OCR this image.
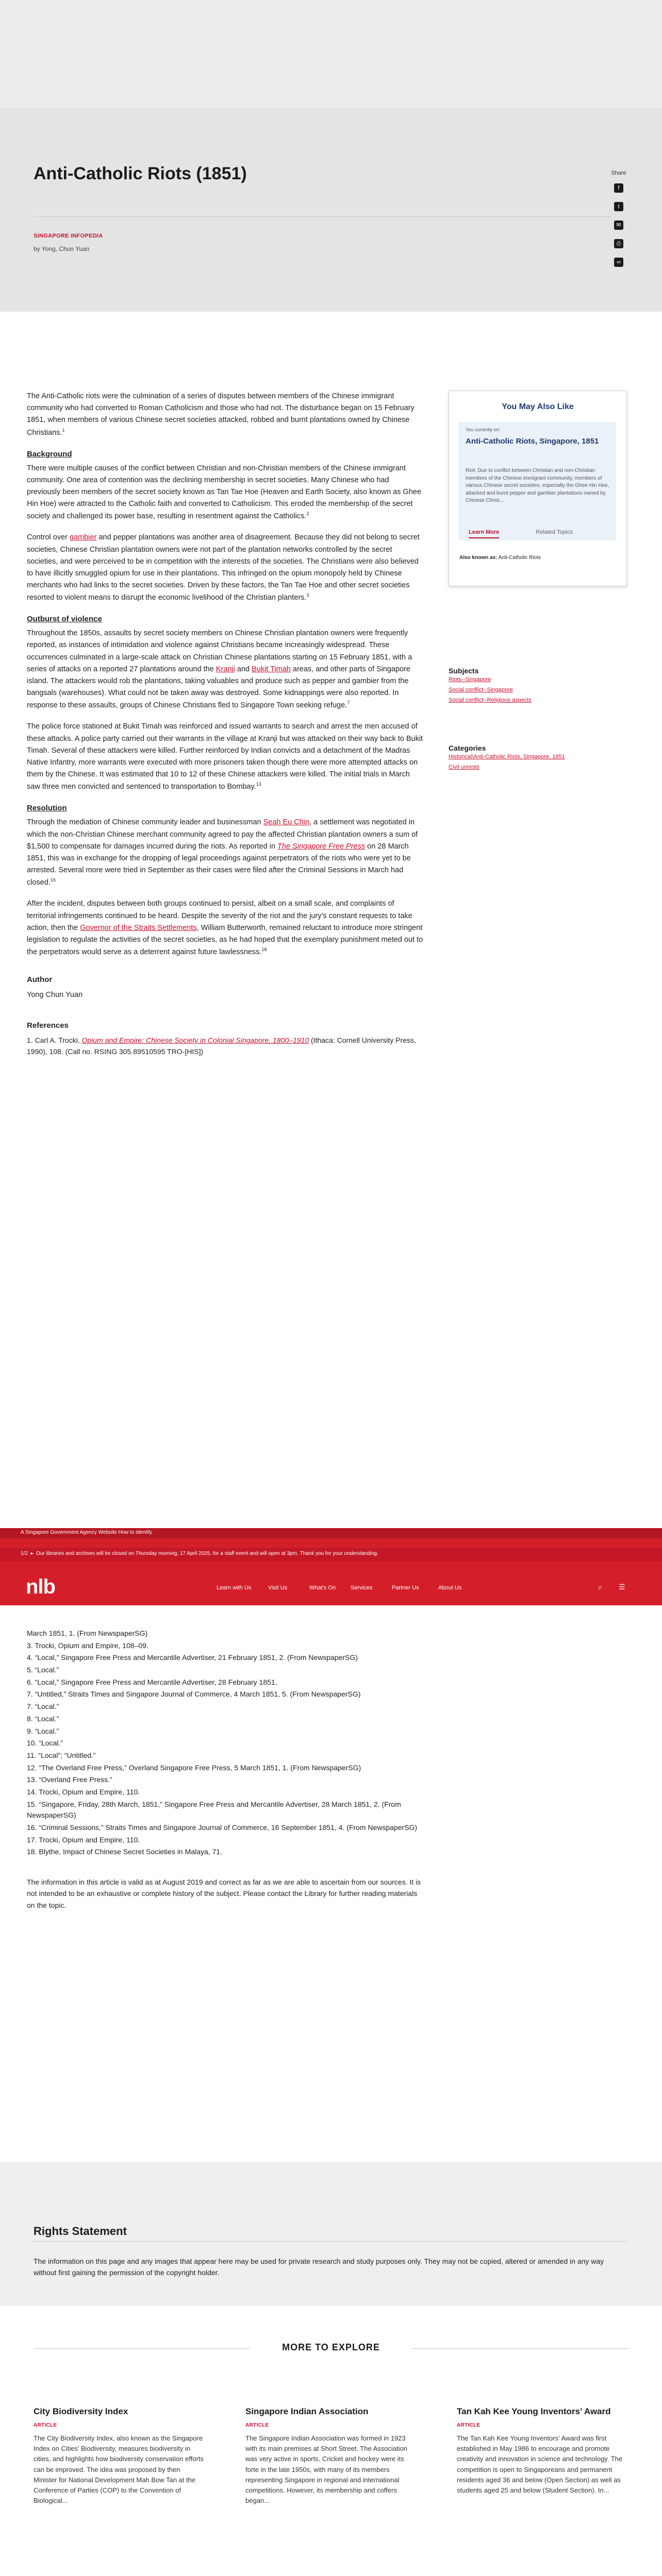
Anti-Catholic Riots (1851)
SINGAPORE INFOPEDIA
by Yong, Chun Yuan
Share
f
t
✉
⎙
∞

The Anti-Catholic riots were the culmination of a series of disputes between members of the Chinese immigrant community who had converted to Roman Catholicism and those who had not. The disturbance began on 15 February 1851, when members of various Chinese secret societies attacked, robbed and burnt plantations owned by Chinese Christians.$^1$

Background

There were multiple causes of the conflict between Christian and non-Christian members of the Chinese immigrant community. One area of contention was the declining membership in secret societies. Many Chinese who had previously been members of the secret society known as Tan Tae Hoe (Heaven and Earth Society, also known as Ghee Hin Hoe) were attracted to the Catholic faith and converted to Catholicism. This eroded the membership of the secret society and challenged its power base, resulting in resentment against the Catholics.$^2$

Control over gambier and pepper plantations was another area of disagreement. Because they did not belong to secret societies, Chinese Christian plantation owners were not part of the plantation networks controlled by the secret societies, and were perceived to be in competition with the interests of the societies. The Christians were also believed to have illicitly smuggled opium for use in their plantations. This infringed on the opium monopoly held by Chinese merchants who had links to the secret societies. Driven by these factors, the Tan Tae Hoe and other secret societies resorted to violent means to disrupt the economic livelihood of the Christian planters.$^3$

Outburst of violence

Throughout the 1850s, assaults by secret society members on Chinese Christian plantation owners were frequently reported, as instances of intimidation and violence against Christians became increasingly widespread. These occurrences culminated in a large-scale attack on Christian Chinese plantations starting on 15 February 1851, with a series of attacks on a reported 27 plantations around the Kranji and Bukit Timah areas, and other parts of Singapore island. The attackers would rob the plantations, taking valuables and produce such as pepper and gambier from the bangsals (warehouses). What could not be taken away was destroyed. Some kidnappings were also reported. In response to these assaults, groups of Chinese Christians fled to Singapore Town seeking refuge.$^7$

The police force stationed at Bukit Timah was reinforced and issued warrants to search and arrest the men accused of these attacks. A police party carried out their warrants in the village at Kranji but was attacked on their way back to Bukit Timah. Several of these attackers were killed. Further reinforced by Indian convicts and a detachment of the Madras Native Infantry, more warrants were executed with more prisoners taken though there were more attempted attacks on them by the Chinese. It was estimated that 10 to 12 of these Chinese attackers were killed. The initial trials in March saw three men convicted and sentenced to transportation to Bombay.$^{13}$

Resolution

Through the mediation of Chinese community leader and businessman Seah Eu Chin, a settlement was negotiated in which the non-Christian Chinese merchant community agreed to pay the affected Christian plantation owners a sum of $1,500 to compensate for damages incurred during the riots. As reported in The Singapore Free Press on 28 March 1851, this was in exchange for the dropping of legal proceedings against perpetrators of the riots who were yet to be arrested. Several more were tried in September as their cases were filed after the Criminal Sessions in March had closed.$^{16}$

After the incident, disputes between both groups continued to persist, albeit on a small scale, and complaints of territorial infringements continued to be heard. Despite the severity of the riot and the jury’s constant requests to take action, then the Governor of the Straits Settlements, William Butterworth, remained reluctant to introduce more stringent legislation to regulate the activities of the secret societies, as he had hoped that the exemplary punishment meted out to the perpetrators would serve as a deterrent against future lawlessness.$^{18}$

Author
Yong Chun Yuan
References

1. Carl A. Trocki, Opium and Empire: Chinese Society in Colonial Singapore, 1800–1910 (Ithaca: Cornell University Press, 1990), 108. (Call no. RSING 305.89510595 TRO-[HIS])

You May Also Like
You currently on:
Anti-Catholic Riots, Singapore, 1851
Riot; Due to conflict between Christian and non-Christian members of the Chinese immigrant community, members of various Chinese secret societies, especially the Ghee Hin Hoe, attacked and burnt pepper and gambier plantations owned by Chinese Christ...
Learn More	Related Topics
Also known as: Anti-Catholic Riots
Subjects
Riots--Singapore
Social conflict--Singapore
Social conflict--Religious aspects
Categories
Historical\Anti-Catholic Riots, Singapore, 1851
Civil unrests
A Singapore Government Agency Website How to identify
1/2  ▸  Our libraries and archives will be closed on Thursday morning, 17 April 2025, for a staff event and will open at 3pm. Thank you for your understanding.
nlb	Learn with Us	Visit Us	What's On	Services	Partner Us	About Us	⌕ ☰
March 1851, 1. (From NewspaperSG)
3. Trocki, Opium and Empire, 108–09.
4. “Local,” Singapore Free Press and Mercantile Advertiser, 21 February 1851, 2. (From NewspaperSG)
5. “Local.”
6. “Local,” Singapore Free Press and Mercantile Advertiser, 28 February 1851.
7. “Untitled,” Straits Times and Singapore Journal of Commerce, 4 March 1851, 5. (From NewspaperSG)
7. “Local.”
8. “Local.”
9. “Local.”
10. “Local.”
11. “Local”; “Untitled.”
12. “The Overland Free Press,” Overland Singapore Free Press, 5 March 1851, 1. (From NewspaperSG)
13. “Overland Free Press.”
14. Trocki, Opium and Empire, 110.
15. “Singapore, Friday, 28th March, 1851,” Singapore Free Press and Mercantile Advertiser, 28 March 1851, 2. (From NewspaperSG)
16. “Criminal Sessions,” Straits Times and Singapore Journal of Commerce, 16 September 1851, 4. (From NewspaperSG)
17. Trocki, Opium and Empire, 110.
18. Blythe, Impact of Chinese Secret Societies in Malaya, 71.
The information in this article is valid as at August 2019 and correct as far as we are able to ascertain from our sources. It is not intended to be an exhaustive or complete history of the subject. Please contact the Library for further reading materials on the topic.
Rights Statement
The information on this page and any images that appear here may be used for private research and study purposes only. They may not be copied, altered or amended in any way without first gaining the permission of the copyright holder.
MORE TO EXPLORE
City Biodiversity Index
ARTICLE
The City Biodiversity Index, also known as the Singapore Index on Cities’ Biodiversity, measures biodiversity in cities, and highlights how biodiversity conservation efforts can be improved. The idea was proposed by then Minister for National Development Mah Bow Tan at the Conference of Parties (COP) to the Convention of Biological...
Singapore Indian Association
ARTICLE
The Singapore Indian Association was formed in 1923 with its main premises at Short Street. The Association was very active in sports. Cricket and hockey were its forte in the late 1950s, with many of its members representing Singapore in regional and international competitions. However, its membership and coffers began...
Tan Kah Kee Young Inventors’ Award
ARTICLE
The Tan Kah Kee Young Inventors’ Award was first established in May 1986 to encourage and promote creativity and innovation in science and technology. The competition is open to Singaporeans and permanent residents aged 36 and below (Open Section) as well as students aged 25 and below (Student Section). In...
